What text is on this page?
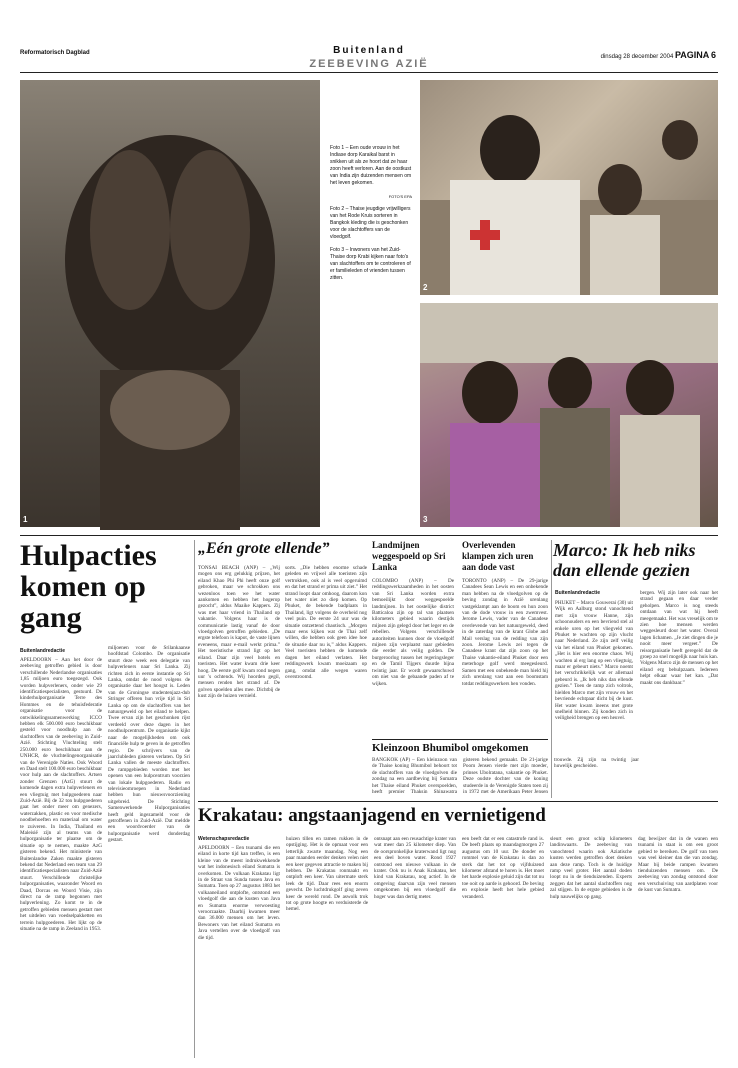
Reformatorisch Dagblad	Buitenland
ZEEBEVING AZIË
dinsdag 28 december 2004 PAGINA 6
1

Foto 1 – Een oude vrouw in het Indiase dorp Karaikal barst in snikken uit als ze hoort dat ze haar zoon heeft verloren. Aan de oostkust van India zijn duizenden mensen om het leven gekomen.

FOTO'S EPA

Foto 2 – Thaise jeugdige vrijwilligers van het Rode Kruis sorteren in Bangkok kleding die is geschonken voor de slachtoffers van de vloedgolf.

Foto 3 – Inwoners van het Zuid-Thaise dorp Krabi kijken naar foto's van slachtoffers om te controleren of er familieleden of vrienden tussen zitten.

2
3
Hulpacties komen op gang
Buitenlandredactie
APELDOORN – Aan het door de zeebeving getroffen gebied is door verschillende Nederlandse organisaties 1,85 miljoen euro toegezegd. Ook worden hulpverleners, onder wie 29 identificatiespecialisten, gestuurd. De kinderhulporganisatie Terre des Hommes en de tehuisfederatie organisatie voor de ontwikkelingssamenwerking ICCO hebben elk 500.000 euro beschikbaar gesteld voor noodhulp aan de slachtoffers van de zeebeving in Zuid-Azië. Stichting Vluchteling stelt 250.000 euro beschikbaar aan de UNHCR, de vluchtelingenorganisatie van de Verenigde Naties. Ook Woord en Daad stelt 100.000 euro beschikbaar voor hulp aan de slachtoffers. Artsen zonder Grenzen (AzG) stuurt de komende dagen extra hulpverleners en een vliegtuig met hulpgoederen naar Zuid-Azië. Bij de 32 ton hulpgoederen gaat het onder meer om genezers, waterzakken, plastic en voor medische noodbehoeften en materiaal om water te zuiveren. In India, Thailand en Maleisië zijn al teams van de hulporganisatie ter plaatse om de situatie op te nemen, maakte AzG gisteren bekend. Het ministerie van Buitenlandse Zaken maakte gisteren bekend dat Nederland een team van 29 identificatiespecialisten naar Zuid-Azië stuurt. Verschillende christelijke hulporganisaties, waaronder Woord en Daad, Dorcas en Woord Visie, zijn direct na de ramp begonnen met hulpverlening. Zo komt te in de getroffen gebieden mensen gestart met het uitdelen van voedselpakketten en terrein hulpgoederen. Het lijkt op de situatie na de ramp in Zeeland in 1953.
miljoenen voor de Srilankaanse hoofdstad Colombo. De organisatie stuurt deze week een delegatie van hulpverleners naar Sri Lanka. Zij richten zich in eerste instantie op Sri Lanka, omdat de nood volgens de organisatie daar het hoogst is. Leden van de Groningse studentenjazz-dub Stringer offeren hun vrije tijd in Sri Lanka op om de slachtoffers van het natuurgeweld op het eiland te helpen. Twee ervan zijn het geschonken rijst verdeeld over deze dagen in het noodhulpcentrum. De organisatie kijkt naar de mogelijkheden om ook financiële hulp te geven in de getroffen regio. De schrijvers van de jaarclubleden gisteren verlaten. Op Sri Lanka vallen de meeste slachtoffers. De rampgebieden worden met het openen van een hulpcentrum voorzien van lokale hulpgoederen. Radio en televisieomroepen in Nederland hebben hun nieuwsvoorziening uitgebreid. De Stichting Samenwerkende Hulporganisaties heeft geld ingezameld voor de getroffenen in Zuid-Azië. Dat meldde een woordvoerder van de hulporganisatie werd donderdag gestart.
„Eén grote ellende”
TONSAI BEACH (ANP) – „Wij mogen ons erg gelukkig prijzen, het eiland Khao Phi Phi heeft onze golf gebroken, maar we schrokken ons wezenloos toen we het water aankomen en hebben het hogerop gezocht”, aldus Maaike Kappers. Zij was met haar vriend in Thailand op vakantie. Volgens haar is de communicatie lastig vanaf de door vloedgolven getroffen gebieden. „De ergste telefoon is kapot, de vaste lijnen eveneens, maar e-mail werkt prima.” Het toeristische strand ligt op het eiland. Daar zijn veel hotels en toeristen. Het water kwam drie keer hoog. De eerste golf kwam rond negen uur 's ochtends. Wij hoorden gegil, mensen renden het strand af. De golven spoelden alles mee. Dichtbij de kust zijn de huizen vernield.
sorts. „Die hebben enorme schade geleden en vrijwel alle toeristen zijn vertrokken, ook al is veel opgeruimd en dat het strand er prima uit ziet.” Het strand loopt daar omhoog, daarom kon het water niet zo diep komen. Op Phuket, de bekende badplaats in Thailand, ligt volgens de overheid nog veel puin. De eerste 24 uur was de situatie ontzettend chaotisch. „Morgen maar eens kijken wat de Thai zelf willen, die hebben ook geen idee hoe de situatie daar nu is,” aldus Kappers. Veel toeristen hebben de komende dagen het eiland verlaten. Het reddingswerk kwam moeizaam op gang, omdat alle wegen waren overstroomd.
Landmijnen weggespoeld op Sri Lanka
COLOMBO (ANP) – De reddingswerkzaamheden in het oosten van Sri Lanka worden extra bemoeilijkt door weggespoelde landmijnen. In het oostelijke district Batticaloa zijn op tal van plaatsen kilometers gebied waarin destijds mijnen zijn gelegd door het leger en de rebellen. Volgens verschillende autoriteiten kunnen door de vloedgolf mijnen zijn verplaatst naar gebieden die eerder als veilig golden. De burgeroorlog tussen het regeringsleger en de Tamil Tijgers duurde bijna twintig jaar. Er wordt gewaarschuwd om niet van de gebaande paden af te wijken.
Overlevenden klampen zich uren aan dode vast
TORONTO (ANP) – De 29-jarige Canadees Sean Lewis en een onbekende man hebben na de vloedgolven op de beving zondag in Azië urenlang vastgeklampt aan de boom en hun zoon van de dode vrouw in een zwemvest. Jerome Lewis, vader van de Canadese overlevende van het natuurgeweld, deed in de zaterdag van de krant Globe and Mail verslag van de redding van zijn zoon. Jerome Lewis zei tegen de Canadese krant dat zijn zoon op het Thaise vakantie-eiland Phuket door een meterhoge golf werd meegesleurd. Samen met een onbekende man hield hij zich urenlang vast aan een boomstam totdat reddingswerkers hen vonden.
Kleinzoon Bhumibol omgekomen
BANGKOK (AP) – Een kleinzoon van de Thaise koning Bhumibol behoort tot de slachtoffers van de vloedgolven die zondag na een aardbeving bij Sumatra het Thaise eiland Phuket overspoelden, heeft premier Thaksin Shinawatra gisteren bekend gemaakt. De 21-jarige Poom Jensen vierde met zijn moeder, prinses Ubolratana, vakantie op Phuket. Deze oudste dochter van de koning studeerde in de Verenigde Staten toen zij in 1972 met de Amerikaan Peter Jensen trouwde. Zij zijn na twintig jaar huwelijk gescheiden.
Marco: Ik heb niks dan ellende gezien
Buitenlandredactie
PHUKET – Marco Gouwerai (30) uit Wijk en Aalburg stond vanochtend met zijn vrouw Hanne, zijn schoonouders en een bevriend stel al enkele uren op het vliegveld van Phuket te wachten op zijn vlucht naar Nederland. Ze zijn zelf veilig via het eiland van Phuket gekomen. „Het is hier een enorme chaos. Wij wachten al erg lang op een vliegtuig, maar er gebeurt niets.” Marco noemt het verschrikkelijk wat er allemaal gebeurd is. „Ik heb niks dan ellende gezien.” Toen de ramp zich voltrok, hielden Marco met zijn vrouw en het bevriende echtpaar dicht bij de kust. Het water kwam ineens met grote snelheid binnen. Zij konden zich in veiligheid brengen op een heuvel.
bergen. Wij zijn later ook naar het strand gegaan en daar verder geholpen. Marco is nog steeds ontdaan van wat hij heeft meegemaakt. Het was vreselijk om te zien hoe mensen werden weggesleurd door het water. Overal lagen lichamen. „Je ziet dingen die je nooit meer vergeet.” De reisorganisatie heeft geregeld dat de groep zo snel mogelijk naar huis kan. Volgens Marco zijn de mensen op het eiland erg behulpzaam. Iedereen helpt elkaar waar het kan. „Dat maakt ons dankbaar.”
Krakatau: angstaanjagend en vernietigend
Wetenschapsredactie
APELDOORN – Een tsunami die een eiland in korte tijd kan treffen, is een kleine van de meest indrukwekkende wat het indonesisch eiland Sumatra is overkomen. De vulkaan Krakatau ligt in de Straat van Sunda tussen Java en Sumatra. Toen op 27 augustus 1883 het vulkaaneiland ontplofte, ontstond een vloedgolf die aan de kusten van Java en Sumatra enorme verwoesting veroorzaakte. Daarbij kwamen meer dan 36.000 mensen om het leven. Bewoners van het eiland Sumatra en Java vertellen over de vloedgolf van die tijd.
huizen tillen en ramen rukken in de opstijging. Het is de opmaat voor een letterlijk zwarte maandag. Nog een paar maanden eerder denken velen niet een keer gegeven attractie te maken bij hebben. De Krakatau ronmaakt en ontploft een keer. Van uitermate sterk leek de tijd. Daar rees een enorm gevecht. De luchtdrukgolf ging zeven keer de wereld rond. De aswolk trok tot op grote hoogte en verduisterde de hemel.
ontsnapt aan een reusachtige krater van wat meer dan 25 kilometer diep. Van de oorspronkelijke kraterwand ligt nog een deel boven water. Rond 1927 ontstond een nieuwe vulkaan in de krater. Ook nu is Anak Krakatau, het kind van Krakatau, nog actief. In de omgeving daarvan zijn veel mensen omgekomen bij een vloedgolf die hoger was dan dertig meter.
een beeft dat er een catastrofe rand is. De beeft plaats op maandagmorgen 27 augustus om 10 uur. De donder en rommel van de Krakatau is dan zo sterk dat het tot op vijfduizend kilometer afstand te horen is. Het moet het harde explosie geluid zijn dat tot nu toe ooit op aarde is gehoord. De beving en explosie heeft het hele gebied veranderd.
sleurt een groot schip kilometers landinwaarts. De zeebeving van vanochtend waarin ook Aziatische kusten werden getroffen doet denken aan deze ramp. Toch is de huidige ramp veel groter. Het aantal doden loopt nu in de tienduizenden. Experts zeggen dat het aantal slachtoffers nog zal stijgen. In de ergste gebieden is de hulp nauwelijks op gang.
dag bewijzer dat in de wanen een tsunami in staat is om een groot gebied te bereiken. De golf van toen was veel kleiner dan die van zondag. Maar bij beide rampen kwamen tienduizenden mensen om. De zeebeving van zondag ontstond door een verschuiving van aardplaten voor de kust van Sumatra.
